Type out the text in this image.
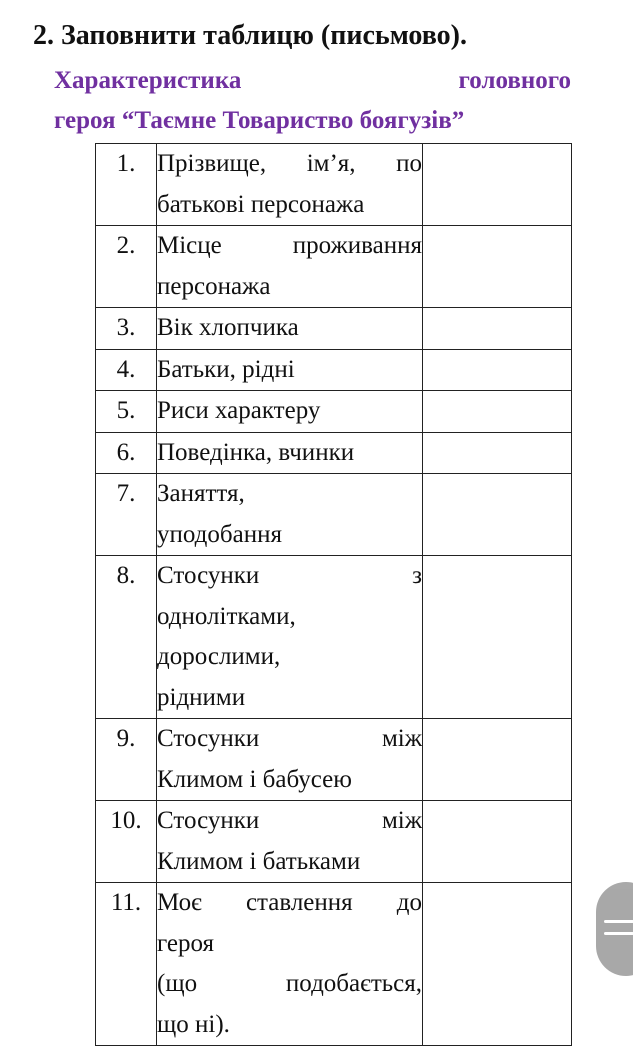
2. Заповнити таблицю (письмово).
Характеристика	головного
героя “Таємне Товариство боягузів”
1.	Прізвище, ім’я, по
батькові персонажа	

2.	Місце проживання
персонажа	

3.	Вік хлопчика	

4.	Батьки, рідні	

5.	Риси характеру	

6.	Поведінка, вчинки	

7.	Заняття,
уподобання	

8.	Стосунки з
однолітками,
дорослими,
рідними	

9.	Стосунки між
Климом і бабусею	

10.	Стосунки між
Климом і батьками	

11.	Моє ставлення до
героя
(що подобається,
що ні).	
